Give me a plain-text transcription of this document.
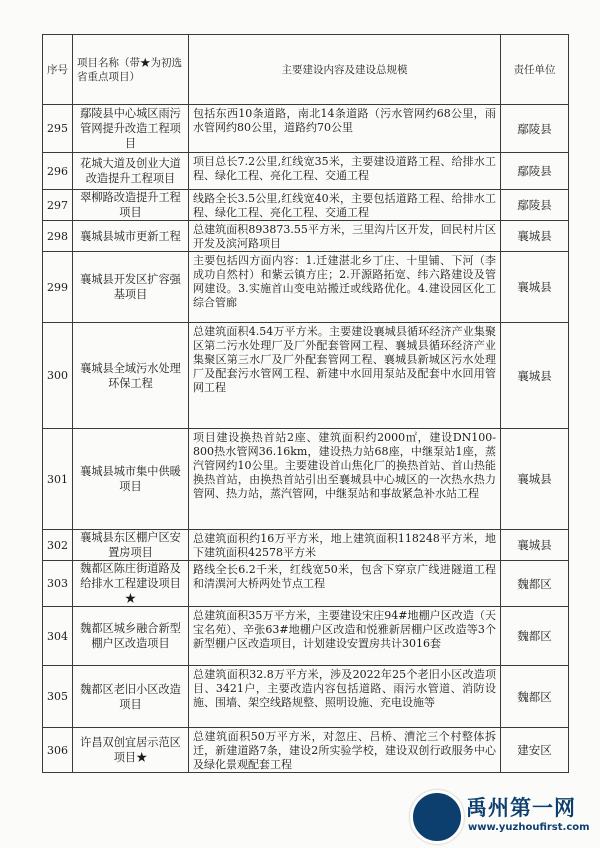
序号	项目名称（带★为初选省重点项目）	主要建设内容及建设总规模	责任单位
295	鄢陵县中心城区雨污管网提升改造工程项目	包括东西10条道路，南北14条道路（污水管网约68公里，雨水管网约80公里，道路约70公里	鄢陵县
296	花城大道及创业大道改造提升工程项目	项目总长7.2公里,红线宽35米，主要建设道路工程、给排水工程、绿化工程、亮化工程、交通工程	鄢陵县
297	翠柳路改造提升工程项目	线路全长3.5公里,红线宽40米，主要包括道路工程、给排水工程、绿化工程、亮化工程、交通工程	鄢陵县
298	襄城县城市更新工程	总建筑面积893873.55平方米，三里沟片区开发，回民村片区开发及滨河路项目	襄城县
299	襄城县开发区扩容强基项目	主要包括四方面内容：1.迁建湛北乡丁庄、十里铺、下河（李成功自然村）和紫云镇方庄；2.开源路拓宽、纬六路建设及管网建设。3.实施首山变电站搬迁或线路优化。4.建设园区化工综合管廊	襄城县
300	襄城县全域污水处理环保工程	总建筑面积4.54万平方米。主要建设襄城县循环经济产业集聚区第二污水处理厂及厂外配套管网工程、襄城县循环经济产业集聚区第三水厂及厂外配套管网工程、襄城县新城区污水处理厂及配套污水管网工程、新建中水回用泵站及配套中水回用管网工程	襄城县
301	襄城县城市集中供暖项目	项目建设换热首站2座、建筑面积约2000㎡，建设DN100-800热水管网36.16km，建设热力站68座，中继泵站1座，蒸汽管网约10公里。主要建设首山焦化厂的换热首站、首山热能换热首站，由换热首站引出至襄城县中心城区的一次热水热力管网、热力站，蒸汽管网，中继泵站和事故紧急补水站工程	襄城县
302	襄城县东区棚户区安置房项目	总建筑面积约16万平方米，地上建筑面积118248平方米，地下建筑面积42578平方米	襄城县
303	魏都区陈庄街道路及给排水工程建设项目★	路线全长6.2千米，红线宽50米，包含下穿京广线进隧道工程和清潩河大桥两处节点工程	魏都区
304	魏都区城乡融合新型棚户区改造项目	总建筑面积35万平方米，主要建设宋庄94#地棚户区改造（天宝名苑）、辛张63#地棚户区改造和悦雅新居棚户区改造等3个新型棚户区改造项目，计划建设安置房共计3016套	魏都区
305	魏都区老旧小区改造项目	总建筑面积32.8万平方米，涉及2022年25个老旧小区改造项目、3421户，主要改造内容包括道路、雨污水管道、消防设施、围墙、架空线路规整、照明设施、充电设施等	魏都区
306	许昌双创宜居示范区项目★	总建筑面积50万平方米，对忽庄、吕桥、漕沱三个村整体拆迁，新建道路7条，建设2所实验学校，建设双创行政服务中心及绿化景观配套工程	建安区
禹州第一网
www.yuzhoufirst.com
